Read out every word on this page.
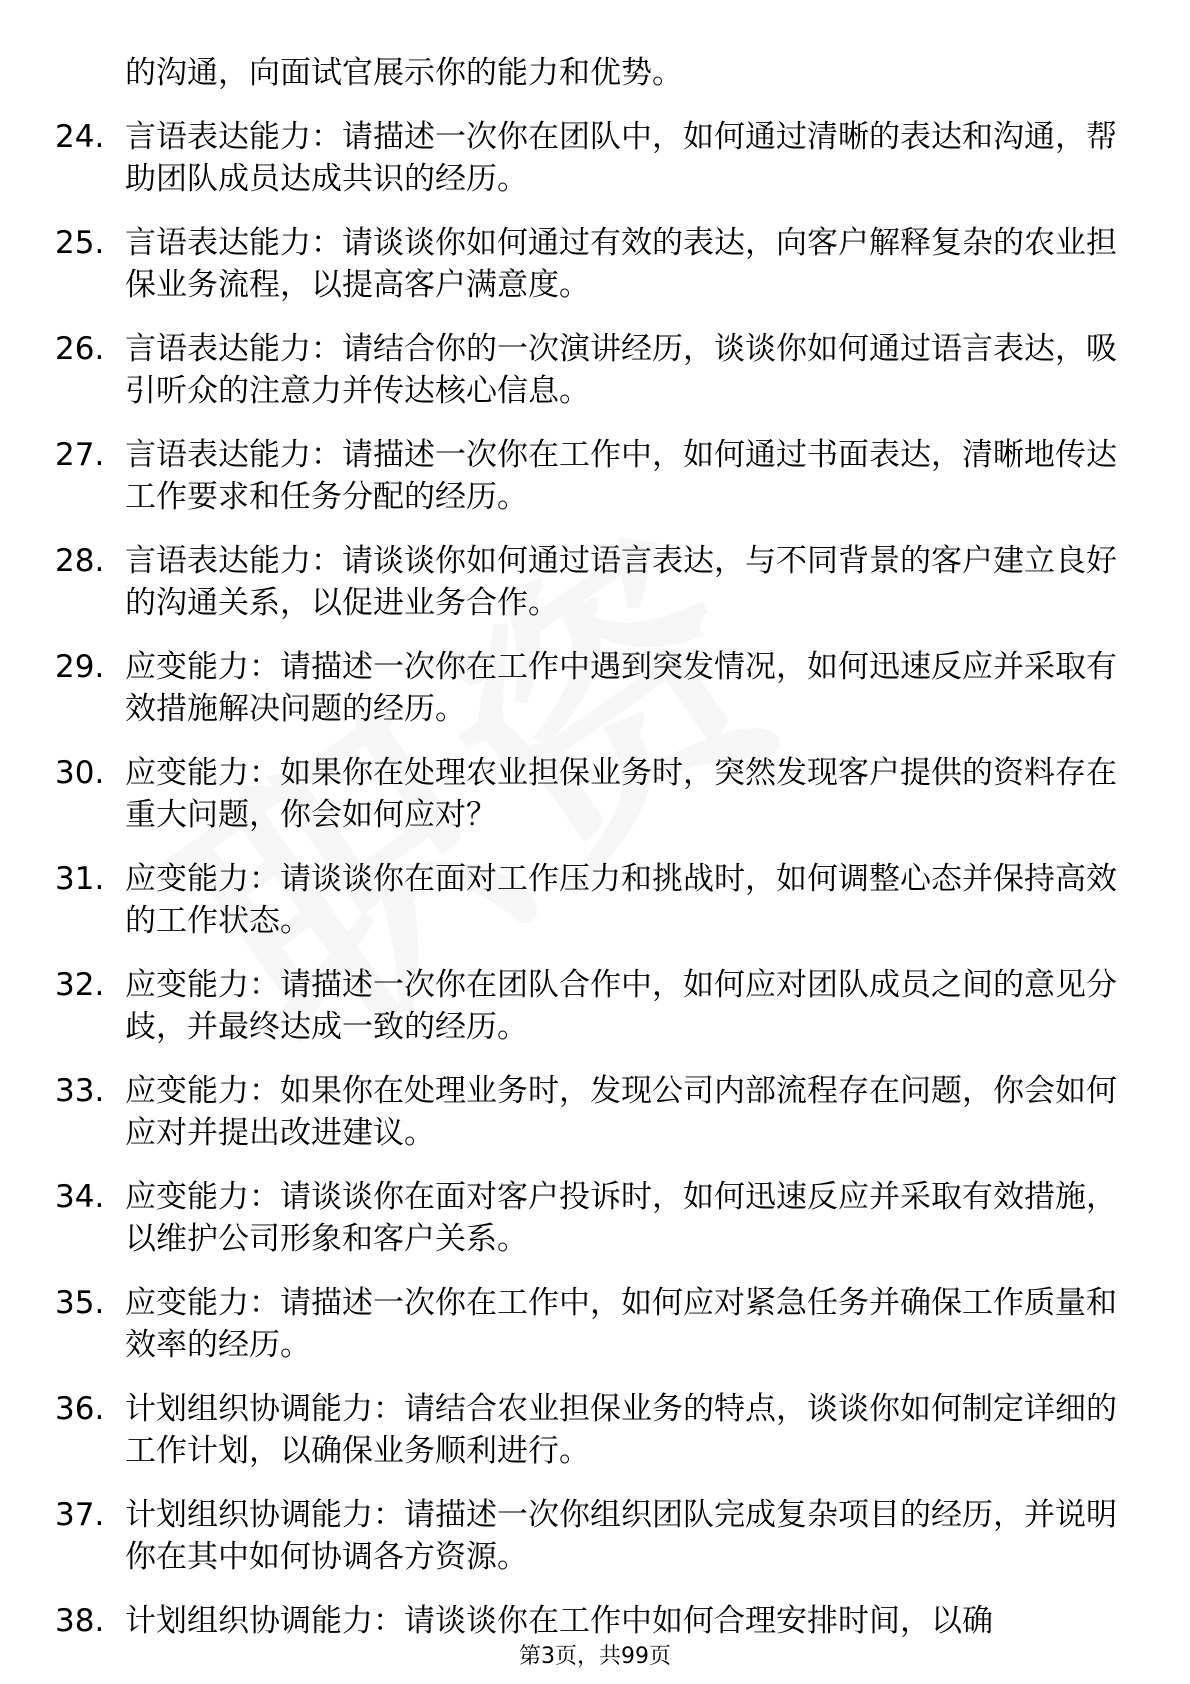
的沟通，向面试官展示你的能力和优势。
24. 言语表达能力：请描述一次你在团队中，如何通过清晰的表达和沟通，帮助团队成员达成共识的经历。
25. 言语表达能力：请谈谈你如何通过有效的表达，向客户解释复杂的农业担保业务流程，以提高客户满意度。
26. 言语表达能力：请结合你的一次演讲经历，谈谈你如何通过语言表达，吸引听众的注意力并传达核心信息。
27. 言语表达能力：请描述一次你在工作中，如何通过书面表达，清晰地传达工作要求和任务分配的经历。
28. 言语表达能力：请谈谈你如何通过语言表达，与不同背景的客户建立良好的沟通关系，以促进业务合作。
29. 应变能力：请描述一次你在工作中遇到突发情况，如何迅速反应并采取有效措施解决问题的经历。
30. 应变能力：如果你在处理农业担保业务时，突然发现客户提供的资料存在重大问题，你会如何应对？
31. 应变能力：请谈谈你在面对工作压力和挑战时，如何调整心态并保持高效的工作状态。
32. 应变能力：请描述一次你在团队合作中，如何应对团队成员之间的意见分歧，并最终达成一致的经历。
33. 应变能力：如果你在处理业务时，发现公司内部流程存在问题，你会如何应对并提出改进建议。
34. 应变能力：请谈谈你在面对客户投诉时，如何迅速反应并采取有效措施，以维护公司形象和客户关系。
35. 应变能力：请描述一次你在工作中，如何应对紧急任务并确保工作质量和效率的经历。
36. 计划组织协调能力：请结合农业担保业务的特点，谈谈你如何制定详细的工作计划，以确保业务顺利进行。
37. 计划组织协调能力：请描述一次你组织团队完成复杂项目的经历，并说明你在其中如何协调各方资源。
38. 计划组织协调能力：请谈谈你在工作中如何合理安排时间，以确
第3页，共99页
